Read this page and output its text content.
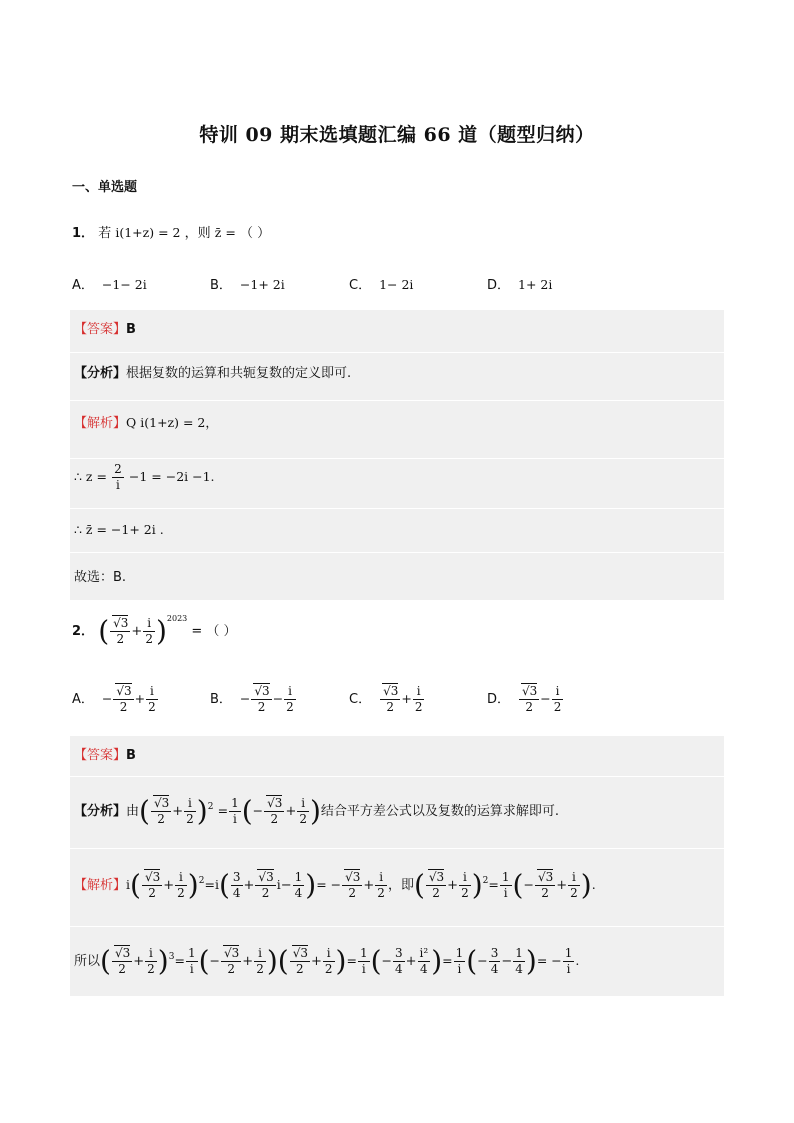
特训 09 期末选填题汇编 66 道（题型归纳）
一、单选题
1． 若 i(1+z) = 2 ，则 z̄ = （ ）
A． −1− 2i	B． −1+ 2i	C． 1− 2i	D． 1+ 2i
【答案】B
【分析】根据复数的运算和共轭复数的定义即可.
【解析】Q i(1+z) = 2，
∴ $z = \frac{2}{i} -1 = -2i -1$.
∴ z̄ = −1+ 2i .
故选：B.
2． ( $\frac{√3}{2} + \frac{i}{2} )^{2023}$ = （ ）
A． − $\frac{√3}{2} + \frac{i}{2}$	B． − $\frac{√3}{2} - \frac{i}{2}$	C． $\frac{√3}{2} + \frac{i}{2}$	D． $\frac{√3}{2} - \frac{i}{2}$
【答案】B
【分析】由( $\frac{√3}{2} + \frac{i}{2} )^2 = \frac{1}{i}$ (− $\frac{√3}{2} + \frac{i}{2}$ )结合平方差公式以及复数的运算求解即可.
【解析】$i( \frac{√3}{2} + \frac{i}{2} )^2=i( \frac{3}{4} + \frac{√3}{2} i- \frac{1}{4}$ )= − $\frac{√3}{2} + \frac{i}{2}$ ，即( $\frac{√3}{2} + \frac{i}{2} )^2= \frac{1}{i}$ (− $\frac{√3}{2} + \frac{i}{2}$ ).
所以( $\frac{√3}{2} + \frac{i}{2} )^3= \frac{1}{i}$ (− $\frac{√3}{2} + \frac{i}{2}$ )( $\frac{√3}{2} + \frac{i}{2}$ )= $\frac{1}{i}$ (− $\frac{3}{4} + \frac{\text{i²}}{4}$ )= $\frac{1}{i}$ (− $\frac{3}{4} - \frac{1}{4}$ )= − $\frac{1}{i}$ .
